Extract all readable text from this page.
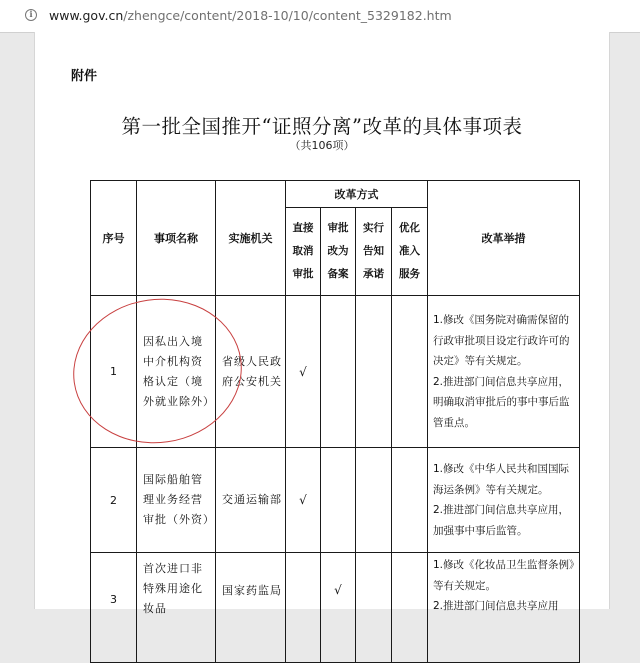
i	www.gov.cn/zhengce/content/2018-10/10/content_5329182.htm
附件
第一批全国推开“证照分离”改革的具体事项表
（共106项）
序号	事项名称	实施机关	改革方式				改革举措

			直接取消审批	审批改为备案	实行告知承诺	优化准入服务	

1	因私出入境中介机构资格认定（境外就业除外）	省级人民政府公安机关	√				1.修改《国务院对确需保留的行政审批项目设定行政许可的决定》等有关规定。

2.推进部门间信息共享应用，明确取消审批后的事中事后监管重点。

2	国际船舶管理业务经营审批（外资）	交通运输部	√				1.修改《中华人民共和国国际海运条例》等有关规定。

2.推进部门间信息共享应用，加强事中事后监管。

3	首次进口非特殊用途化妆品	国家药监局		√			1.修改《化妆品卫生监督条例》等有关规定。

2.推进部门间信息共享应用
